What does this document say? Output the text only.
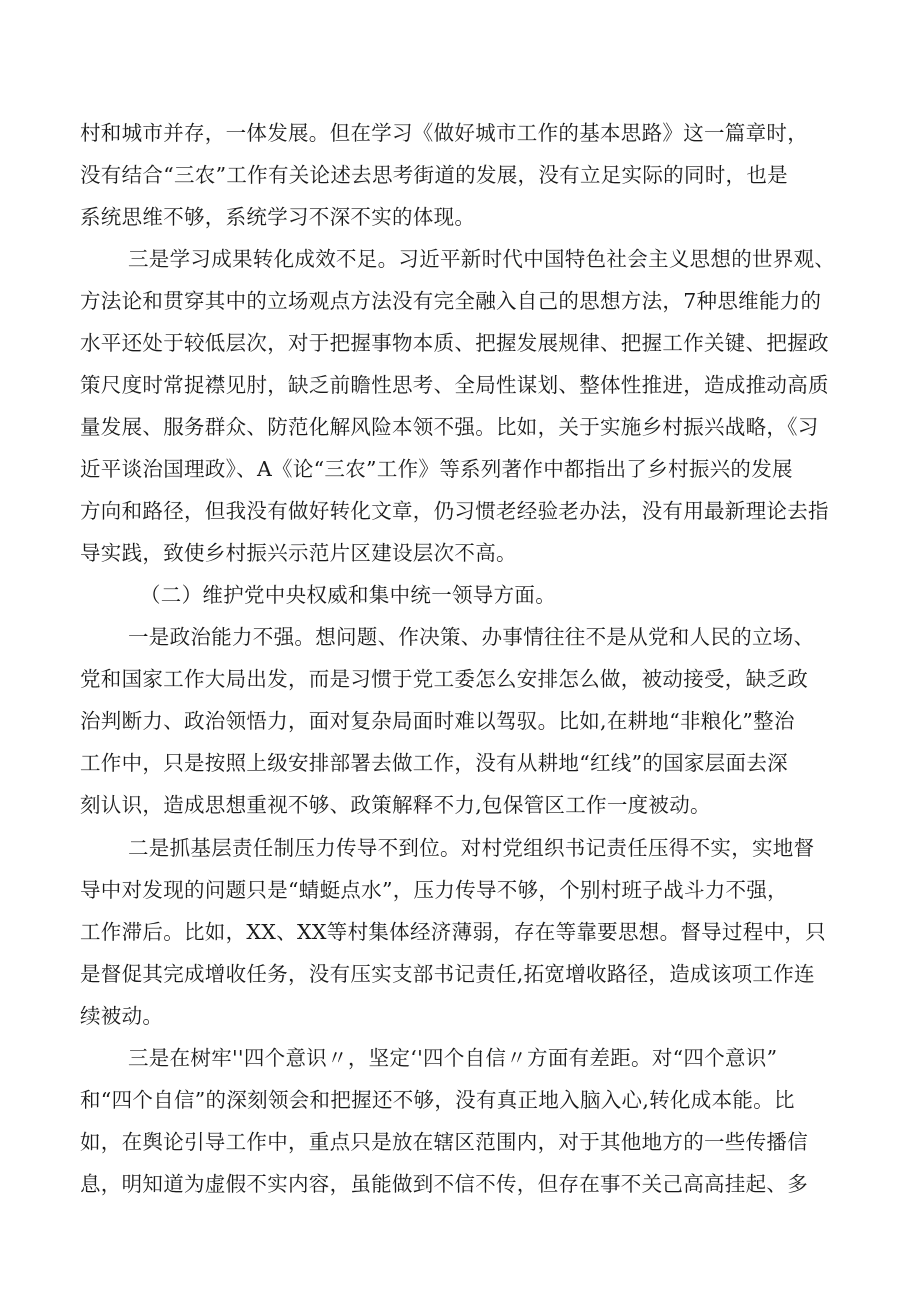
村和城市并存，一体发展。但在学习《做好城市工作的基本思路》这一篇章时，
没有结合“三农”工作有关论述去思考街道的发展，没有立足实际的同时，也是
系统思维不够，系统学习不深不实的体现。
三是学习成果转化成效不足。习近平新时代中国特色社会主义思想的世界观、
方法论和贯穿其中的立场观点方法没有完全融入自己的思想方法，7种思维能力的
水平还处于较低层次，对于把握事物本质、把握发展规律、把握工作关键、把握政
策尺度时常捉襟见肘，缺乏前瞻性思考、全局性谋划、整体性推进，造成推动高质
量发展、服务群众、防范化解风险本领不强。比如，关于实施乡村振兴战略，《习
近平谈治国理政》、A《论“三农”工作》等系列著作中都指出了乡村振兴的发展
方向和路径，但我没有做好转化文章，仍习惯老经验老办法，没有用最新理论去指
导实践，致使乡村振兴示范片区建设层次不高。
（二）维护党中央权威和集中统一领导方面。
一是政治能力不强。想问题、作决策、办事情往往不是从党和人民的立场、
党和国家工作大局出发，而是习惯于党工委怎么安排怎么做，被动接受，缺乏政
治判断力、政治领悟力，面对复杂局面时难以驾驭。比如,在耕地“非粮化”整治
工作中，只是按照上级安排部署去做工作，没有从耕地“红线”的国家层面去深
刻认识，造成思想重视不够、政策解释不力,包保管区工作一度被动。
二是抓基层责任制压力传导不到位。对村党组织书记责任压得不实，实地督
导中对发现的问题只是“蜻蜓点水”，压力传导不够，个别村班子战斗力不强，
工作滞后。比如，XX、XX等村集体经济薄弱，存在等靠要思想。督导过程中，只
是督促其完成增收任务，没有压实支部书记责任,拓宽增收路径，造成该项工作连
续被动。
三是在树牢''四个意识〃，坚定‘'四个自信〃方面有差距。对“四个意识”
和“四个自信”的深刻领会和把握还不够，没有真正地入脑入心,转化成本能。比
如，在舆论引导工作中，重点只是放在辖区范围内，对于其他地方的一些传播信
息，明知道为虚假不实内容，虽能做到不信不传，但存在事不关己高高挂起、多
